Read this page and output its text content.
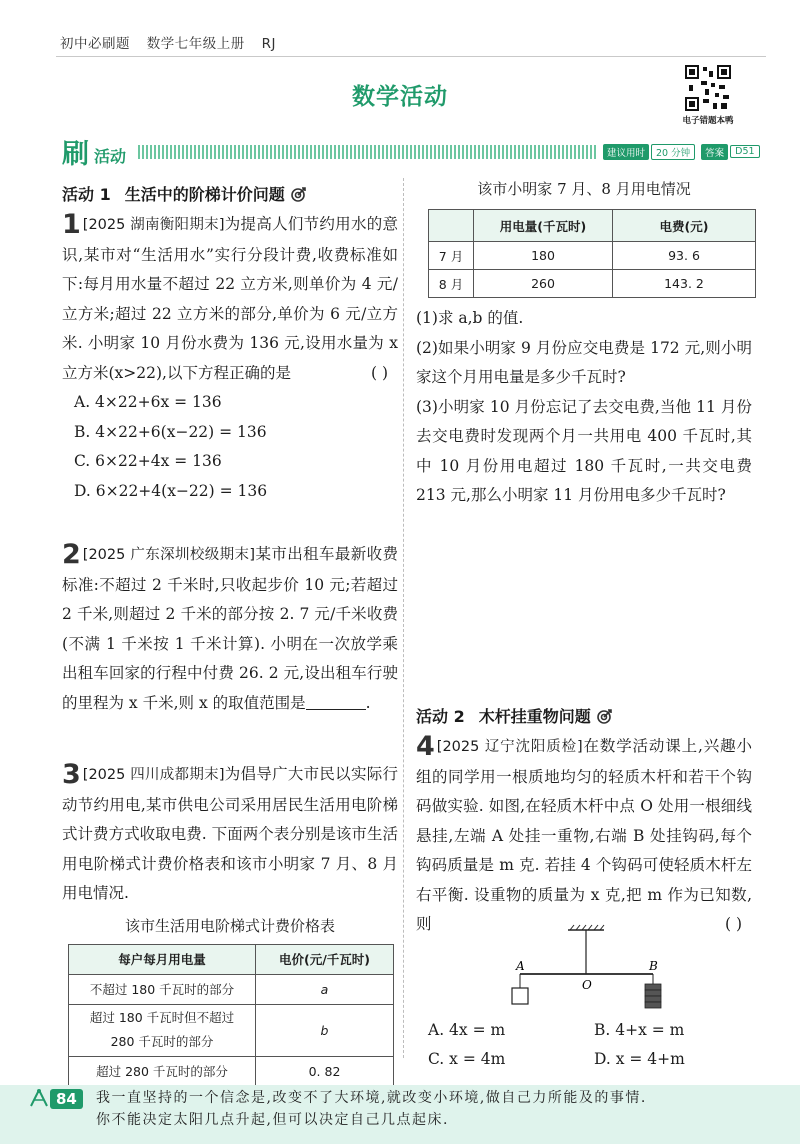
初中必刷题 数学七年级上册 RJ
数学活动
电子错题本鸭
刷 活动	建议用时	20 分钟	答案	D51
活动 1 生活中的阶梯计价问题
1 [2025 湖南衡阳期末]为提高人们节约用水的意识,某市对“生活用水”实行分段计费,收费标准如下:每月用水量不超过 22 立方米,则单价为 4 元/立方米;超过 22 立方米的部分,单价为 6 元/立方米. 小明家 10 月份水费为 136 元,设用水量为 x 立方米(x>22),以下方程正确的是	( )
A. 4×22+6x = 136
B. 4×22+6(x−22) = 136
C. 6×22+4x = 136
D. 6×22+4(x−22) = 136
2 [2025 广东深圳校级期末]某市出租车最新收费标准:不超过 2 千米时,只收起步价 10 元;若超过 2 千米,则超过 2 千米的部分按 2. 7 元/千米收费(不满 1 千米按 1 千米计算). 小明在一次放学乘出租车回家的行程中付费 26. 2 元,设出租车行驶的里程为 x 千米,则 x 的取值范围是	.
3 [2025 四川成都期末]为倡导广大市民以实际行动节约用电,某市供电公司采用居民生活用电阶梯式计费方式收取电费. 下面两个表分别是该市生活用电阶梯式计费价格表和该市小明家 7 月、8 月用电情况.
该市生活用电阶梯式计费价格表
每户每月用电量	电价(元/千瓦时)
不超过 180 千瓦时的部分	a
超过 180 千瓦时但不超过 280 千瓦时的部分	b
超过 280 千瓦时的部分	0. 82
该市小明家 7 月、8 月用电情况
	用电量(千瓦时)	电费(元)
7 月	180	93. 6
8 月	260	143. 2
(1)求 a,b 的值.
(2)如果小明家 9 月份应交电费是 172 元,则小明家这个月用电量是多少千瓦时?
(3)小明家 10 月份忘记了去交电费,当他 11 月份去交电费时发现两个月一共用电 400 千瓦时,其中 10 月份用电超过 180 千瓦时,一共交电费 213 元,那么小明家 11 月份用电多少千瓦时?
活动 2 木杆挂重物问题
4 [2025 辽宁沈阳质检]在数学活动课上,兴趣小组的同学用一根质地均匀的轻质木杆和若干个钩码做实验. 如图,在轻质木杆中点 O 处用一根细线悬挂,左端 A 处挂一重物,右端 B 处挂钩码,每个钩码质量是 m 克. 若挂 4 个钩码可使轻质木杆左右平衡. 设重物的质量为 x 克,把 m 作为已知数,则	( )
A
O
B
A. 4x = m	B. 4+x = m
C. x = 4m	D. x = 4+m
84	我一直坚持的一个信念是,改变不了大环境,就改变小环境,做自己力所能及的事情.
你不能决定太阳几点升起,但可以决定自己几点起床.
